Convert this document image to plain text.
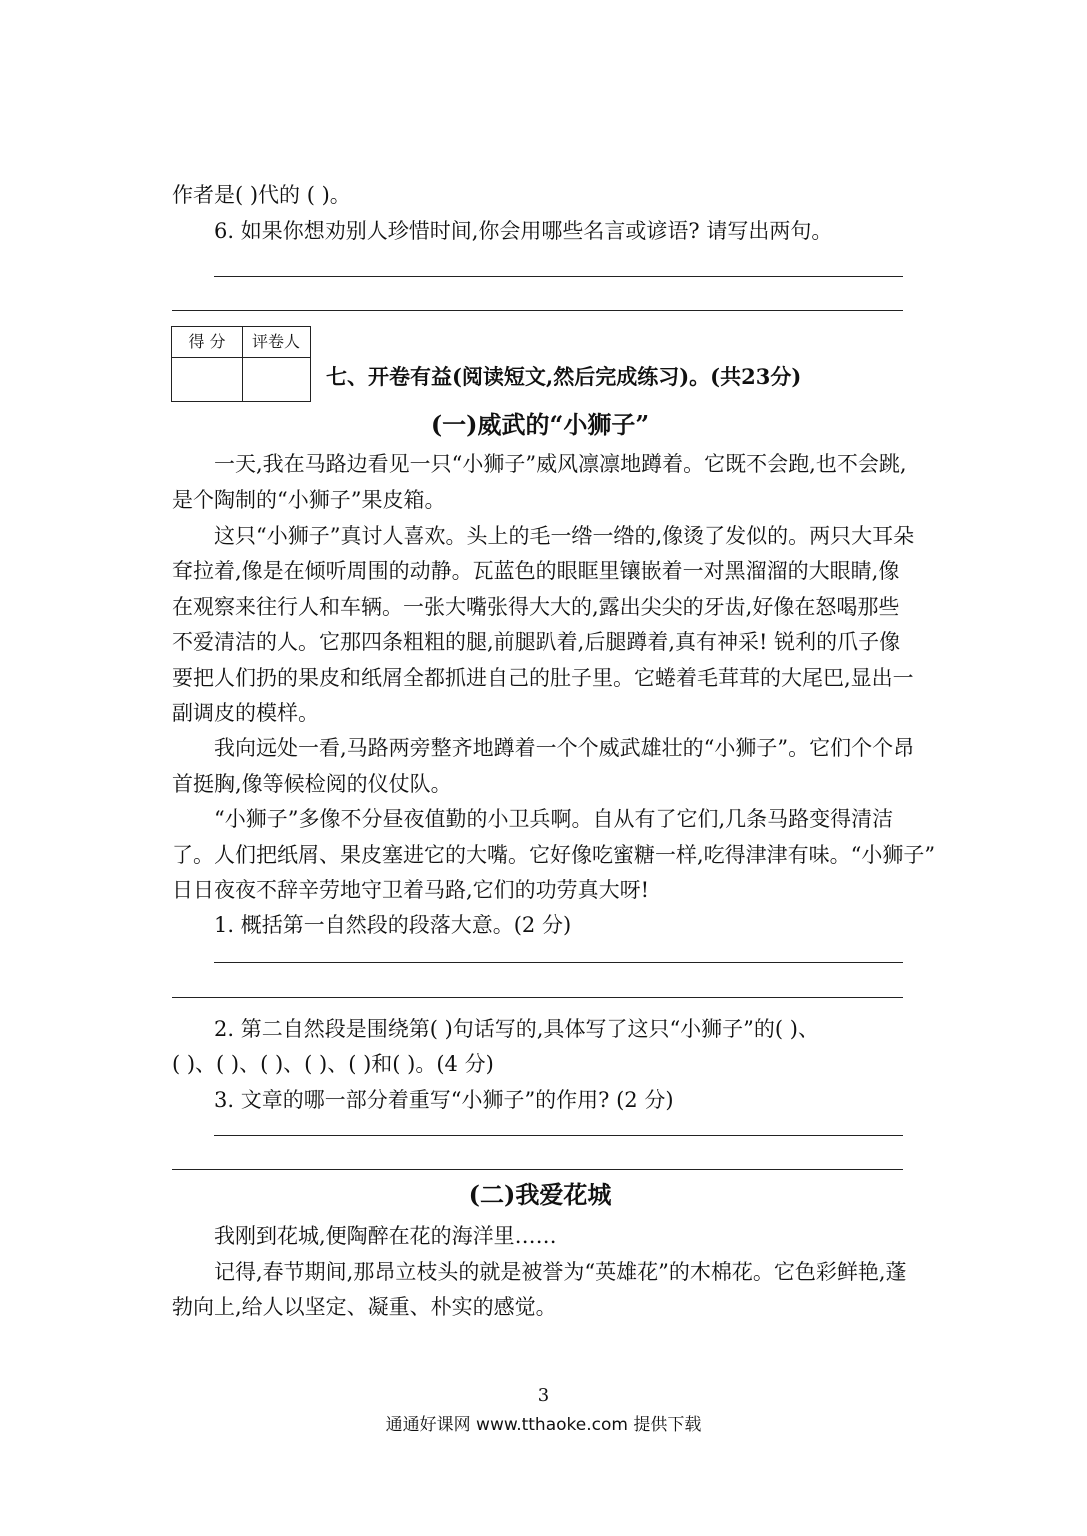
作者是( )代的 ( )。
6. 如果你想劝别人珍惜时间,你会用哪些名言或谚语? 请写出两句。
得 分	评卷人
七、开卷有益(阅读短文,然后完成练习)。(共23分)
(一)威武的“小狮子”
一天,我在马路边看见一只“小狮子”威风凛凛地蹲着。它既不会跑,也不会跳,
是个陶制的“小狮子”果皮箱。
这只“小狮子”真讨人喜欢。头上的毛一绺一绺的,像烫了发似的。两只大耳朵
耷拉着,像是在倾听周围的动静。瓦蓝色的眼眶里镶嵌着一对黑溜溜的大眼睛,像
在观察来往行人和车辆。一张大嘴张得大大的,露出尖尖的牙齿,好像在怒喝那些
不爱清洁的人。它那四条粗粗的腿,前腿趴着,后腿蹲着,真有神采! 锐利的爪子像
要把人们扔的果皮和纸屑全都抓进自己的肚子里。它蜷着毛茸茸的大尾巴,显出一
副调皮的模样。
我向远处一看,马路两旁整齐地蹲着一个个威武雄壮的“小狮子”。它们个个昂
首挺胸,像等候检阅的仪仗队。
“小狮子”多像不分昼夜值勤的小卫兵啊。自从有了它们,几条马路变得清洁
了。人们把纸屑、果皮塞进它的大嘴。它好像吃蜜糖一样,吃得津津有味。“小狮子”
日日夜夜不辞辛劳地守卫着马路,它们的功劳真大呀!
1. 概括第一自然段的段落大意。(2 分)
2. 第二自然段是围绕第( )句话写的,具体写了这只“小狮子”的( )、
( )、( )、( )、( )、( )和( )。(4 分)
3. 文章的哪一部分着重写“小狮子”的作用? (2 分)
(二)我爱花城
我刚到花城,便陶醉在花的海洋里……
记得,春节期间,那昂立枝头的就是被誉为“英雄花”的木棉花。它色彩鲜艳,蓬
勃向上,给人以坚定、凝重、朴实的感觉。
3
通通好课网 www.tthaoke.com 提供下载
